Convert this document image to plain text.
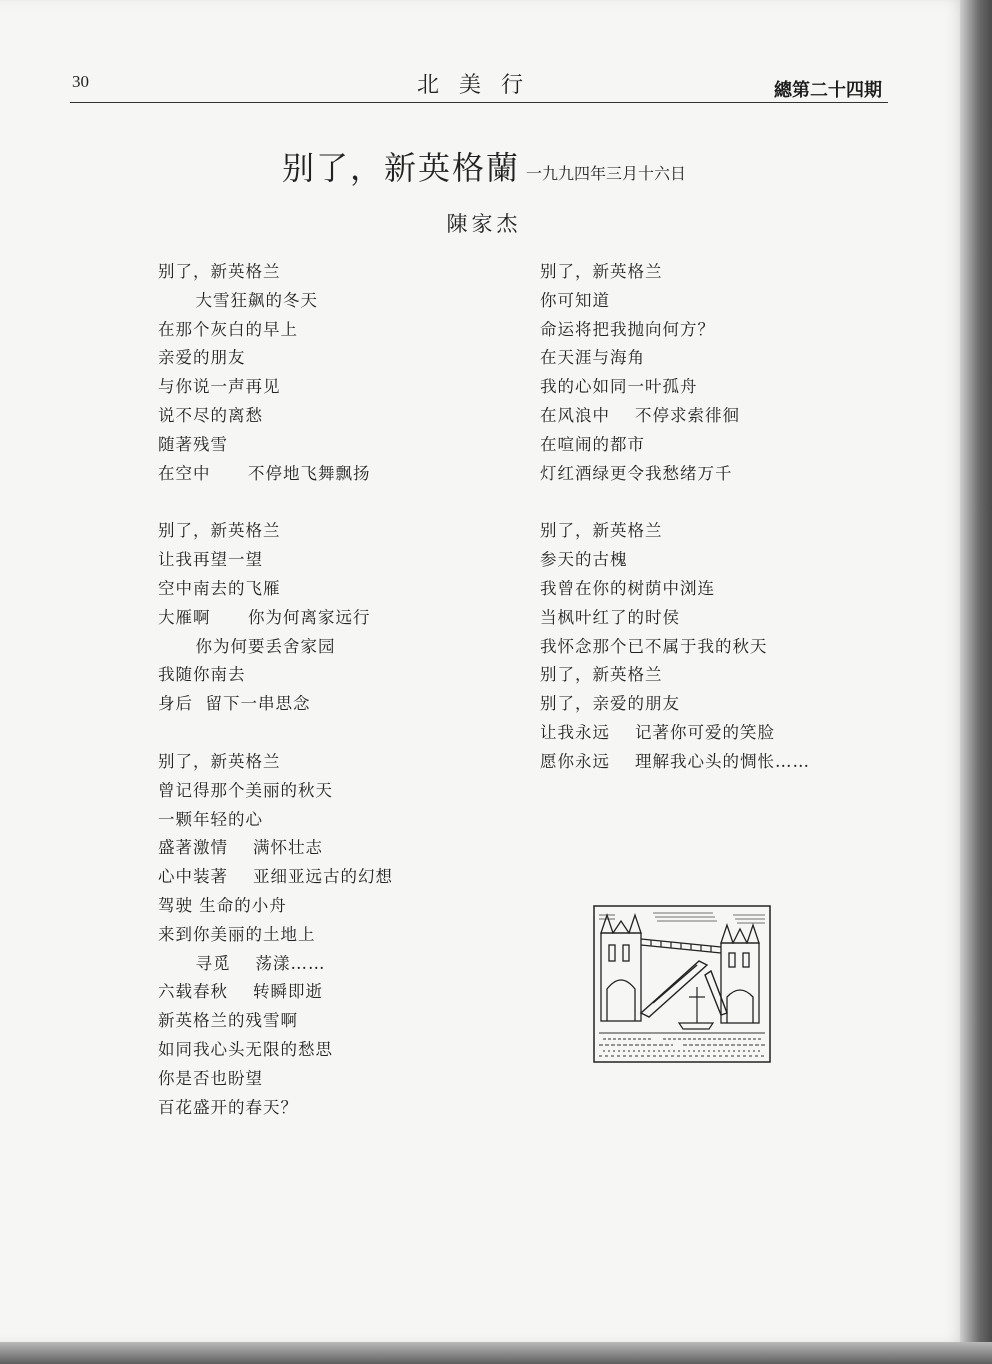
30	北美行	總第二十四期
别了，新英格蘭 一九九四年三月十六日
陳家杰
别了，新英格兰
大雪狂飙的冬天
在那个灰白的早上
亲爱的朋友
与你说一声再见
说不尽的离愁
随著残雪
在空中      不停地飞舞飘扬
别了，新英格兰
让我再望一望
空中南去的飞雁
大雁啊      你为何离家远行
你为何要丢舍家园
我随你南去
身后  留下一串思念
别了，新英格兰
曾记得那个美丽的秋天
一颗年轻的心
盛著激情    满怀壮志
心中装著    亚细亚远古的幻想
驾驶 生命的小舟
来到你美丽的土地上
寻觅    荡漾……
六载春秋    转瞬即逝
新英格兰的残雪啊
如同我心头无限的愁思
你是否也盼望
百花盛开的春天？
别了，新英格兰
你可知道
命运将把我抛向何方？
在天涯与海角
我的心如同一叶孤舟
在风浪中    不停求索徘徊
在喧闹的都市
灯红酒绿更令我愁绪万千
别了，新英格兰
参天的古槐
我曾在你的树荫中浏连
当枫叶红了的时侯
我怀念那个已不属于我的秋天
别了，新英格兰
别了，亲爱的朋友
让我永远    记著你可爱的笑脸
愿你永远    理解我心头的惆怅……
